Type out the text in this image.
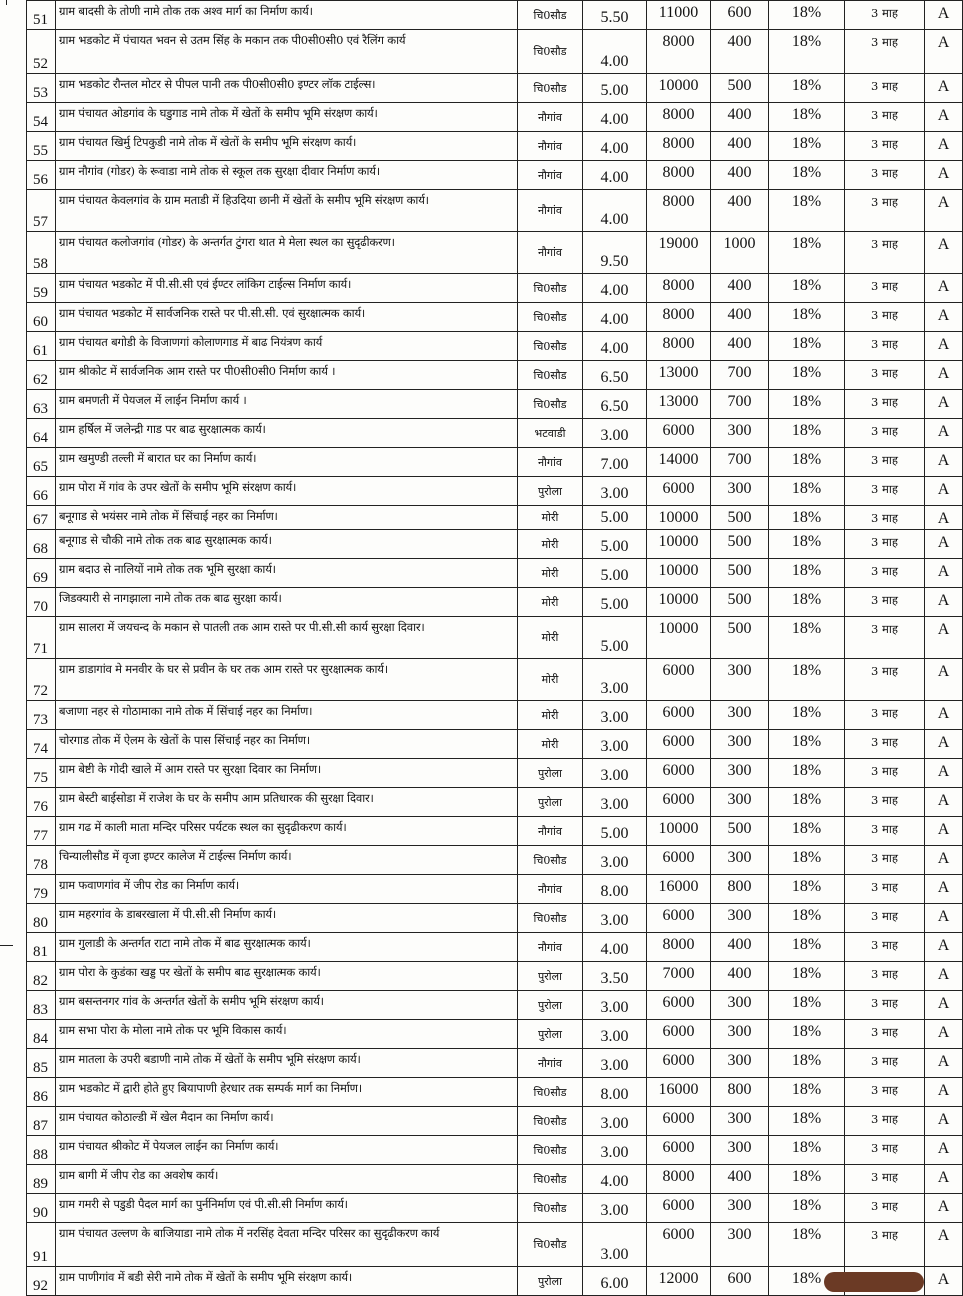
51	ग्राम बादसी के तोणी नामे तोक तक अश्व मार्ग का निर्माण कार्य।	चि0सौड	5.50	11000	600	18%	3 माह	A
52	ग्राम भडकोट में पंचायत भवन से उतम सिंह के मकान तक पी0सी0सी0 एवं रैलिंग कार्य	चि0सौड	4.00	8000	400	18%	3 माह	A
53	ग्राम भडकोट रौन्तल मोटर से पीपल पानी तक पी0सी0सी0 इण्टर लॉक टाईल्स।	चि0सौड	5.00	10000	500	18%	3 माह	A
54	ग्राम पंचायत ओडगांव के घडुगाड नामे तोक में खेतों के समीप भूमि संरक्षण कार्य।	नौगांव	4.00	8000	400	18%	3 माह	A
55	ग्राम पंचायत खिर्मु टिपकुडी नामे तोक में खेतों के समीप भूमि संरक्षण कार्य।	नौगांव	4.00	8000	400	18%	3 माह	A
56	ग्राम नौगांव (गोडर) के रूवाडा नामे तोक से स्कूल तक सुरक्षा दीवार निर्माण कार्य।	नौगांव	4.00	8000	400	18%	3 माह	A
57	ग्राम पंचायत केवलगांव के ग्राम मताडी में हिउदिया छानी में खेतों के समीप भूमि संरक्षण कार्य।	नौगांव	4.00	8000	400	18%	3 माह	A
58	ग्राम पंचायत कलोजगांव (गोडर) के अन्तर्गत टुंगरा थात मे मेला स्थल का सुदृढीकरण।	नौगांव	9.50	19000	1000	18%	3 माह	A
59	ग्राम पंचायत भडकोट में पी.सी.सी एवं ईण्टर लांकिग टाईल्स निर्माण कार्य।	चि0सौड	4.00	8000	400	18%	3 माह	A
60	ग्राम पंचायत भडकोट में सार्वजनिक रास्ते पर पी.सी.सी. एवं सुरक्षात्मक कार्य।	चि0सौड	4.00	8000	400	18%	3 माह	A
61	ग्राम पंचायत बगोडी के विजाणगां कोलाणगाड में बाढ नियंत्रण कार्य	चि0सौड	4.00	8000	400	18%	3 माह	A
62	ग्राम श्रीकोट में सार्वजनिक आम रास्ते पर पी0सी0सी0 निर्माण कार्य ।	चि0सौड	6.50	13000	700	18%	3 माह	A
63	ग्राम बमणती में पेयजल में लाईन निर्माण कार्य ।	चि0सौड	6.50	13000	700	18%	3 माह	A
64	ग्राम हर्षिल में जलेन्द्री गाड पर बाढ सुरक्षात्मक कार्य।	भटवाडी	3.00	6000	300	18%	3 माह	A
65	ग्राम खमुण्डी तल्ली में बारात घर का निर्माण कार्य।	नौगांव	7.00	14000	700	18%	3 माह	A
66	ग्राम पोरा में गांव के उपर खेतों के समीप भूमि संरक्षण कार्य।	पुरोला	3.00	6000	300	18%	3 माह	A
67	बनूगाड से भयंसर नामे तोक में सिंचाई नहर का निर्माण।	मोरी	5.00	10000	500	18%	3 माह	A
68	बनूगाड से चौकी नामे तोक तक बाढ सुरक्षात्मक कार्य।	मोरी	5.00	10000	500	18%	3 माह	A
69	ग्राम बदाउ से नालियों नामे तोक तक भूमि सुरक्षा कार्य।	मोरी	5.00	10000	500	18%	3 माह	A
70	जिडक्यारी से नागझाला नामे तोक तक बाढ सुरक्षा कार्य।	मोरी	5.00	10000	500	18%	3 माह	A
71	ग्राम सालरा में जयचन्द के मकान से पातली तक आम रास्ते पर पी.सी.सी कार्य सुरक्षा दिवार।	मोरी	5.00	10000	500	18%	3 माह	A
72	ग्राम डाडागांव मे मनवीर के घर से प्रवीन के घर तक आम रास्ते पर सुरक्षात्मक कार्य।	मोरी	3.00	6000	300	18%	3 माह	A
73	बजाणा नहर से गोठामाका नामे तोक में सिंचाई नहर का निर्माण।	मोरी	3.00	6000	300	18%	3 माह	A
74	चोरगाड तोक में ऐलम के खेतों के पास सिंचाई नहर का निर्माण।	मोरी	3.00	6000	300	18%	3 माह	A
75	ग्राम बेष्टी के गोदी खाले में आम रास्ते पर सुरक्षा दिवार का निर्माण।	पुरोला	3.00	6000	300	18%	3 माह	A
76	ग्राम बेस्टी बाईसोडा में राजेश के घर के समीप आम प्रतिधारक की सुरक्षा दिवार।	पुरोला	3.00	6000	300	18%	3 माह	A
77	ग्राम गढ में काली माता मन्दिर परिसर पर्यटक स्थल का सुदृढीकरण कार्य।	नौगांव	5.00	10000	500	18%	3 माह	A
78	चिन्यालीसौड में वृजा इण्टर कालेज में टाईल्स निर्माण कार्य।	चि0सौड	3.00	6000	300	18%	3 माह	A
79	ग्राम फवाणगांव में जीप रोड का निर्माण कार्य।	नौगांव	8.00	16000	800	18%	3 माह	A
80	ग्राम महरगांव के डाबरखाला में पी.सी.सी निर्माण कार्य।	चि0सौड	3.00	6000	300	18%	3 माह	A
81	ग्राम गुलाडी के अन्तर्गत राटा नामे तोक में बाढ सुरक्षात्मक कार्य।	नौगांव	4.00	8000	400	18%	3 माह	A
82	ग्राम पोरा के कुडंका खड्ड पर खेतों के समीप बाढ सुरक्षात्मक कार्य।	पुरोला	3.50	7000	400	18%	3 माह	A
83	ग्राम बसन्तनगर गांव के अन्तर्गत खेतों के समीप भूमि संरक्षण कार्य।	पुरोला	3.00	6000	300	18%	3 माह	A
84	ग्राम सभा पोरा के मोला नामे तोक पर भूमि विकास कार्य।	पुरोला	3.00	6000	300	18%	3 माह	A
85	ग्राम मातला के उपरी बडाणी नामे तोक में खेतों के समीप भूमि संरक्षण कार्य।	नौगांव	3.00	6000	300	18%	3 माह	A
86	ग्राम भडकोट में द्वारी होते हुए बियापाणी हेरधार तक सम्पर्क मार्ग का निर्माण।	चि0सौड	8.00	16000	800	18%	3 माह	A
87	ग्राम पंचायत कोठाल्डी में खेल मैदान का निर्माण कार्य।	चि0सौड	3.00	6000	300	18%	3 माह	A
88	ग्राम पंचायत श्रीकोट में पेयजल लाईन का निर्माण कार्य।	चि0सौड	3.00	6000	300	18%	3 माह	A
89	ग्राम बागी में जीप रोड का अवशेष कार्य।	चि0सौड	4.00	8000	400	18%	3 माह	A
90	ग्राम गमरी से पडुडी पैदल मार्ग का पुर्ननिर्माण एवं पी.सी.सी निर्माण कार्य।	चि0सौड	3.00	6000	300	18%	3 माह	A
91	ग्राम पंचायत उल्लण के बाजियाडा नामे तोक में नरसिंह देवता मन्दिर परिसर का सुदृढीकरण कार्य	चि0सौड	3.00	6000	300	18%	3 माह	A
92	ग्राम पाणीगांव में बडी सेरी नामे तोक में खेतों के समीप भूमि संरक्षण कार्य।	पुरोला	6.00	12000	600	18%		A
